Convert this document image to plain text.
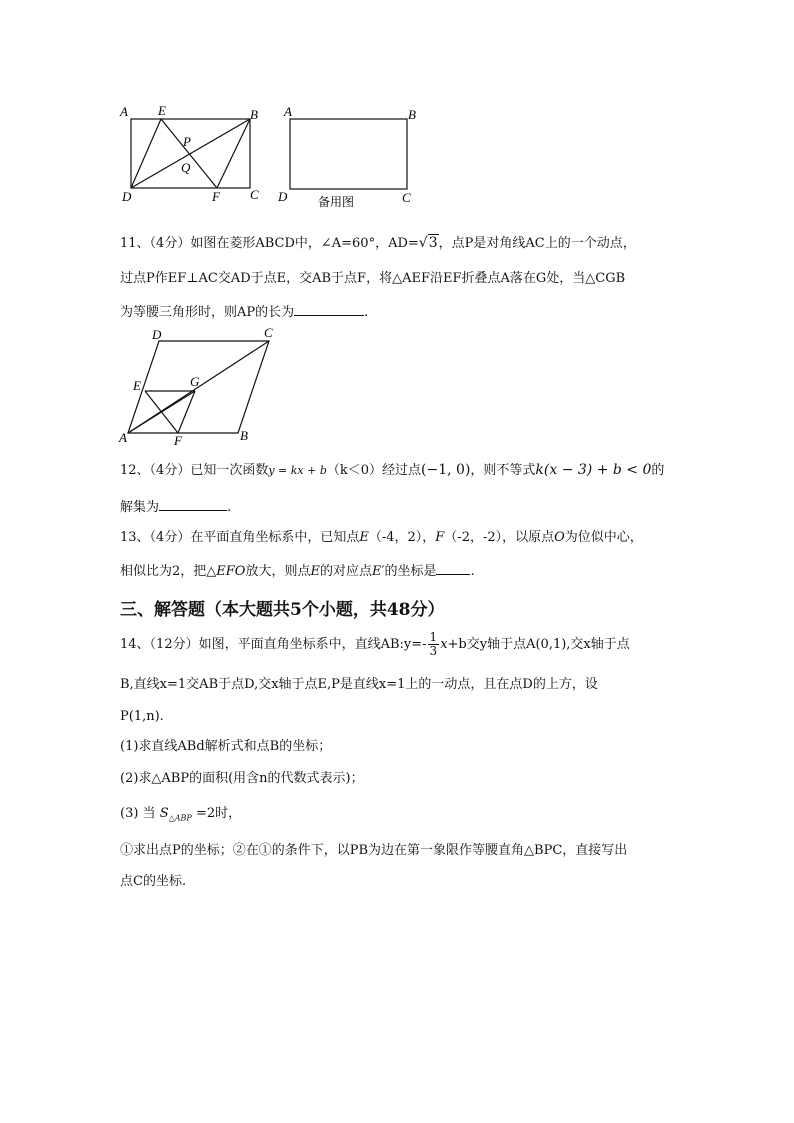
A E	B
P
Q
D	F C
A	B
D	C
备用图
11、（4分）如图在菱形ABCD中，∠A=60°，AD=√3，点P是对角线AC上的一个动点，
过点P作EF⊥AC交AD于点E，交AB于点F，将△AEF沿EF折叠点A落在G处，当△CGB
为等腰三角形时，则AP的长为	.
D	C
E	G
A	F	B
12、（4分）已知一次函数y = kx + b（k＜0）经过点(−1, 0)，则不等式k(x − 3) + b < 0的
解集为	.
13、（4分）在平面直角坐标系中，已知点E（-4，2），F（-2，-2），以原点O为位似中心，
相似比为2，把△EFO放大，则点E的对应点E′的坐标是	.
三、解答题（本大题共5个小题，共48分）
14、（12分）如图，平面直角坐标系中，直线AB:y=- $\frac{1}{3} x+b$交y轴于点A(0,1),交x轴于点
B,直线x=1交AB于点D,交x轴于点E,P是直线x=1上的一动点，且在点D的上方，设
P(1,n).
(1)求直线ABd解析式和点B的坐标；
(2)求△ABP的面积(用含n的代数式表示)；
(3) 当 $S_{\triangle ABP} =2$时，
①求出点P的坐标；②在①的条件下，以PB为边在第一象限作等腰直角△BPC，直接写出
点C的坐标.
